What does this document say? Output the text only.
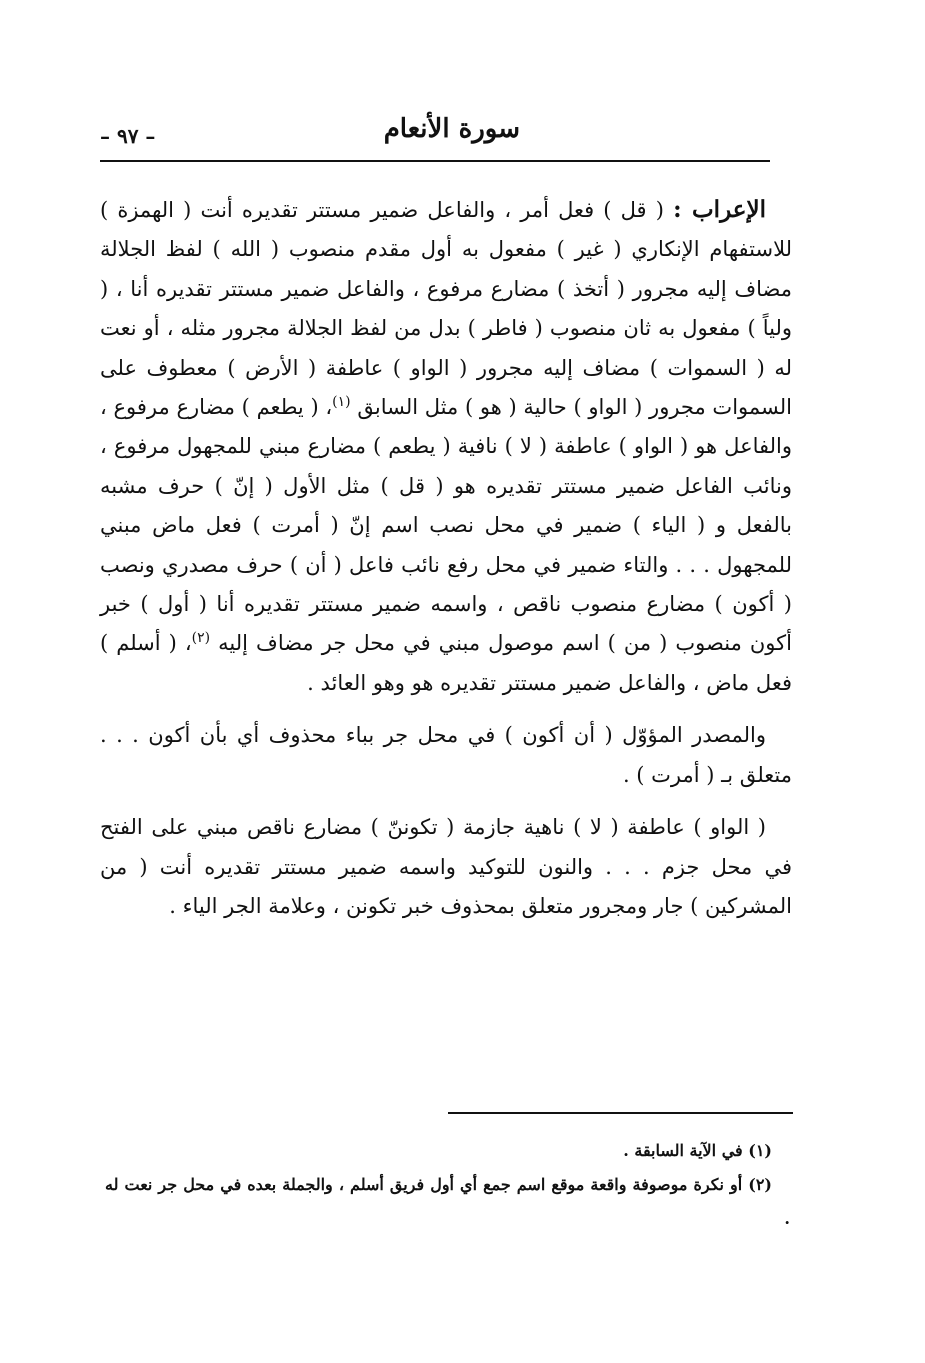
سورة الأنعام
– ٩٧ –

الإعراب : ( قل ) فعل أمر ، والفاعل ضمير مستتر تقديره أنت ( الهمزة ) للاستفهام الإنكاري ( غير ) مفعول به أول مقدم منصوب ( الله ) لفظ الجلالة مضاف إليه مجرور ( أتخذ ) مضارع مرفوع ، والفاعل ضمير مستتر تقديره أنا ، ( ولياً ) مفعول به ثان منصوب ( فاطر ) بدل من لفظ الجلالة مجرور مثله ، أو نعت له ( السموات ) مضاف إليه مجرور ( الواو ) عاطفة ( الأرض ) معطوف على السموات مجرور ( الواو ) حالية ( هو ) مثل السابق $^{(١)}$، ( يطعم ) مضارع مرفوع ، والفاعل هو ( الواو ) عاطفة ( لا ) نافية ( يطعم ) مضارع مبني للمجهول مرفوع ، ونائب الفاعل ضمير مستتر تقديره هو ( قل ) مثل الأول ( إنّ ) حرف مشبه بالفعل و ( الياء ) ضمير في محل نصب اسم إنّ ( أمرت ) فعل ماض مبني للمجهول . . . والتاء ضمير في محل رفع نائب فاعل ( أن ) حرف مصدري ونصب ( أكون ) مضارع منصوب ناقص ، واسمه ضمير مستتر تقديره أنا ( أول ) خبر أكون منصوب ( من ) اسم موصول مبني في محل جر مضاف إليه $^{(٢)}$، ( أسلم ) فعل ماض ، والفاعل ضمير مستتر تقديره هو وهو العائد .

والمصدر المؤوّل ( أن أكون ) في محل جر بباء محذوف أي بأن أكون . . . متعلق بـ ( أمرت ) .

( الواو ) عاطفة ( لا ) ناهية جازمة ( تكوننّ ) مضارع ناقص مبني على الفتح في محل جزم . . . والنون للتوكيد واسمه ضمير مستتر تقديره أنت ( من المشركين ) جار ومجرور متعلق بمحذوف خبر تكونن ، وعلامة الجر الياء .

(١) في الآية السابقة .

(٢) أو نكرة موصوفة واقعة موقع اسم جمع أي أول فريق أسلم ، والجملة بعده في محل جر نعت له .
